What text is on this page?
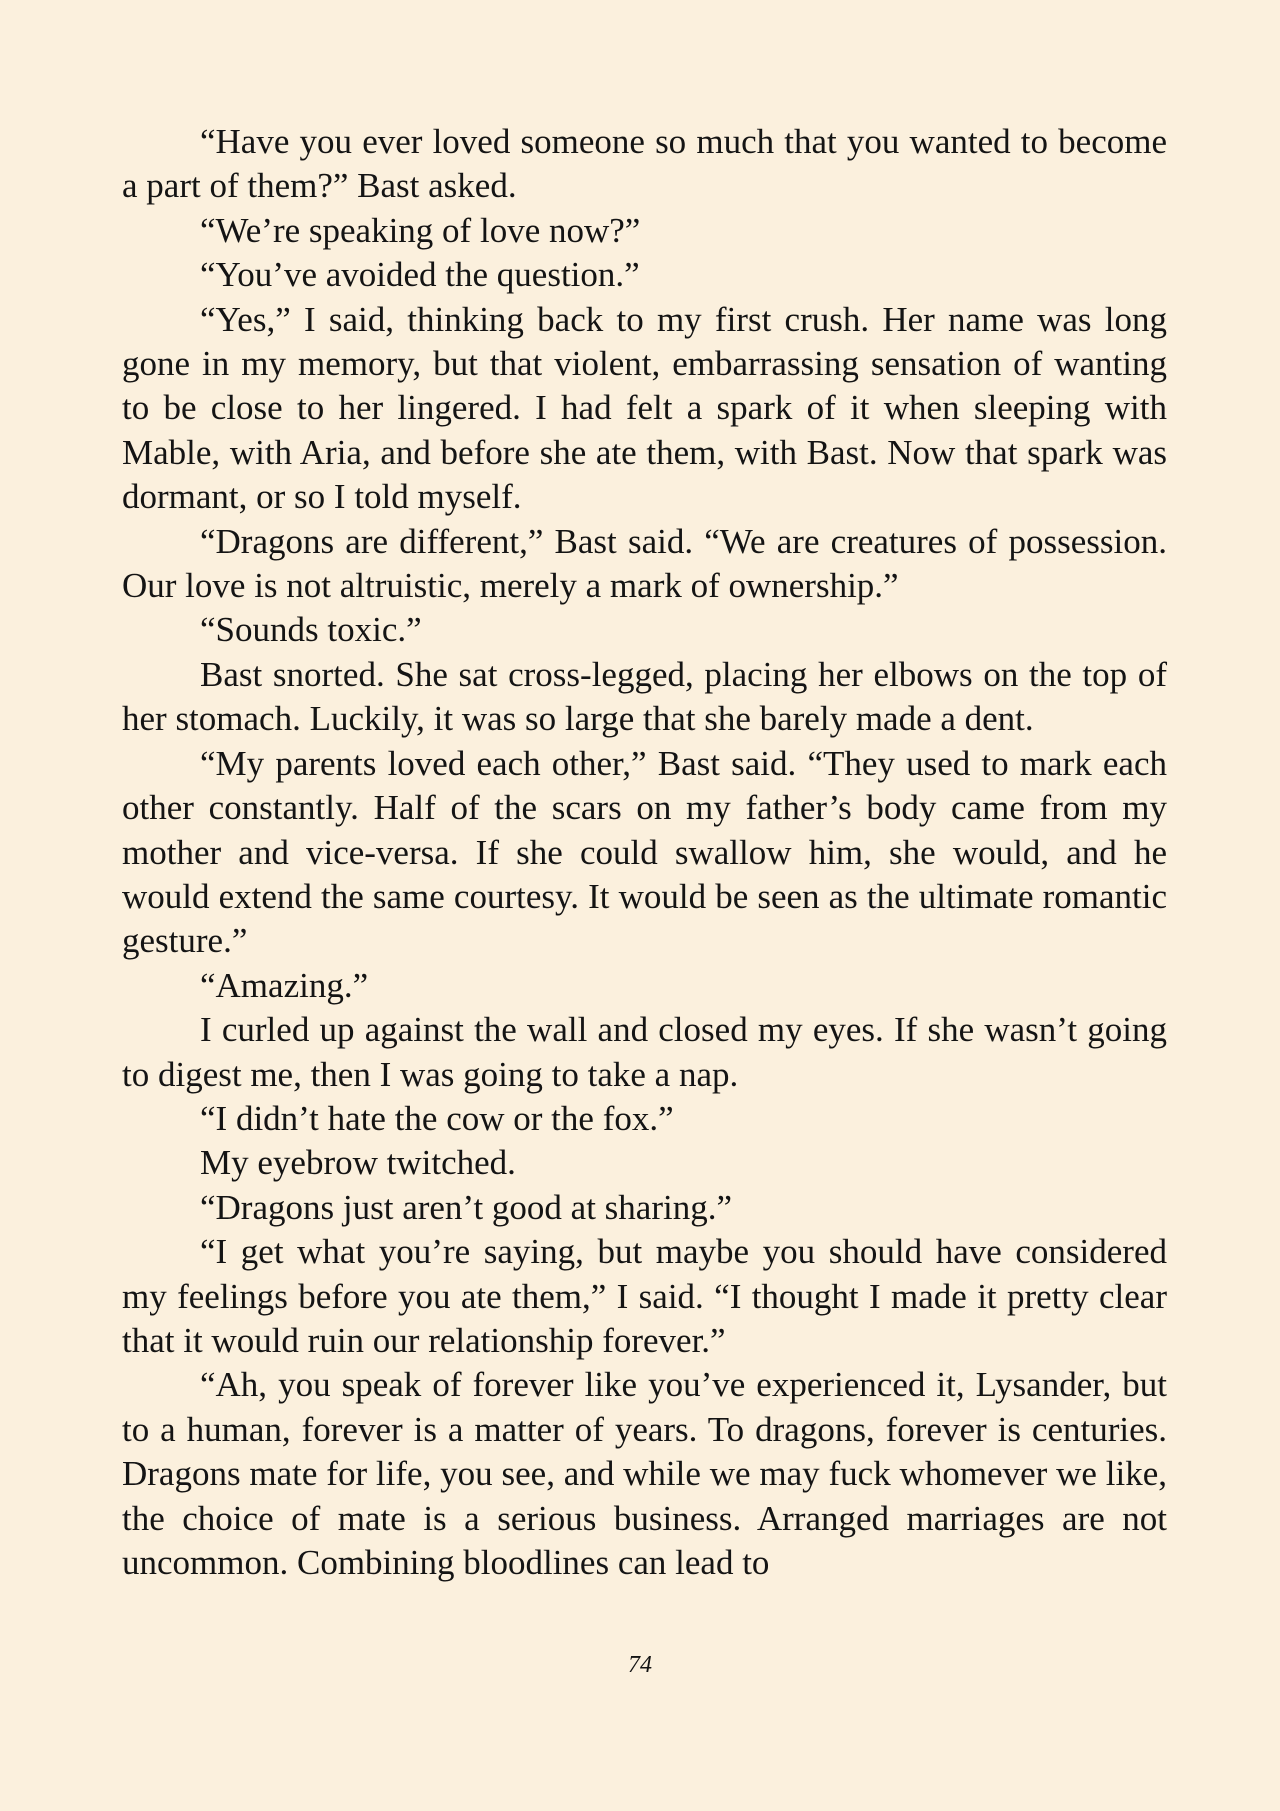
“Have you ever loved someone so much that you wanted to become a part of them?” Bast asked.

“We’re speaking of love now?”

“You’ve avoided the question.”

“Yes,” I said, thinking back to my first crush. Her name was long gone in my memory, but that violent, embarrassing sensation of wanting to be close to her lingered. I had felt a spark of it when sleeping with Mable, with Aria, and before she ate them, with Bast. Now that spark was dormant, or so I told myself.

“Dragons are different,” Bast said. “We are creatures of possession. Our love is not altruistic, merely a mark of ownership.”

“Sounds toxic.”

Bast snorted. She sat cross-legged, placing her elbows on the top of her stomach. Luckily, it was so large that she barely made a dent.

“My parents loved each other,” Bast said. “They used to mark each other constantly. Half of the scars on my father’s body came from my mother and vice-versa. If she could swallow him, she would, and he would extend the same courtesy. It would be seen as the ultimate romantic gesture.”

“Amazing.”

I curled up against the wall and closed my eyes. If she wasn’t going to digest me, then I was going to take a nap.

“I didn’t hate the cow or the fox.”

My eyebrow twitched.

“Dragons just aren’t good at sharing.”

“I get what you’re saying, but maybe you should have considered my feelings before you ate them,” I said. “I thought I made it pretty clear that it would ruin our relationship forever.”

“Ah, you speak of forever like you’ve experienced it, Lysander, but to a human, forever is a matter of years. To dragons, forever is centuries. Dragons mate for life, you see, and while we may fuck whomever we like, the choice of mate is a serious business. Arranged marriages are not uncommon. Combining bloodlines can lead to

74
